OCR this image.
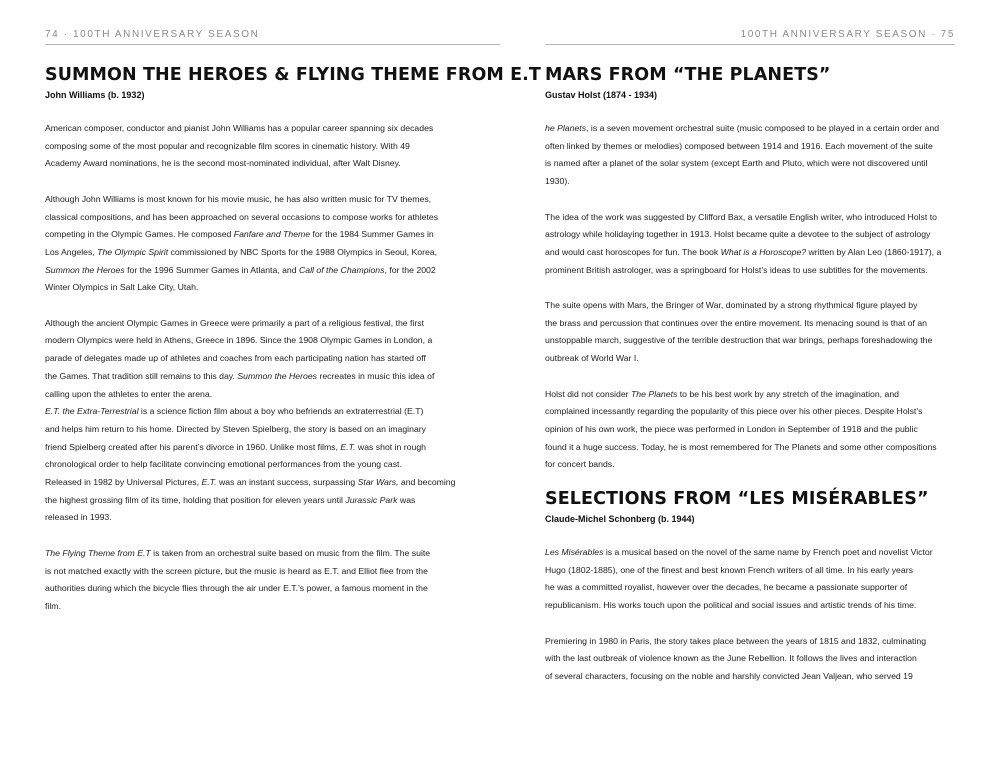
74 · 100TH ANNIVERSARY SEASON	100TH ANNIVERSARY SEASON · 75
SUMMON THE HEROES & FLYING THEME FROM E.T
John Williams (b. 1932)

American composer, conductor and pianist John Williams has a popular career spanning six decades

composing some of the most popular and recognizable film scores in cinematic history. With 49

Academy Award nominations, he is the second most-nominated individual, after Walt Disney.

Although John Williams is most known for his movie music, he has also written music for TV themes,

classical compositions, and has been approached on several occasions to compose works for athletes

competing in the Olympic Games. He composed Fanfare and Theme for the 1984 Summer Games in

Los Angeles, The Olympic Spirit commissioned by NBC Sports for the 1988 Olympics in Seoul, Korea,

Summon the Heroes for the 1996 Summer Games in Atlanta, and Call of the Champions, for the 2002

Winter Olympics in Salt Lake City, Utah.

Although the ancient Olympic Games in Greece were primarily a part of a religious festival, the first

modern Olympics were held in Athens, Greece in 1896. Since the 1908 Olympic Games in London, a

parade of delegates made up of athletes and coaches from each participating nation has started off

the Games. That tradition still remains to this day. Summon the Heroes recreates in music this idea of

calling upon the athletes to enter the arena.

E.T. the Extra-Terrestrial is a science fiction film about a boy who befriends an extraterrestrial (E.T)

and helps him return to his home. Directed by Steven Spielberg, the story is based on an imaginary

friend Spielberg created after his parent’s divorce in 1960. Unlike most films, E.T. was shot in rough

chronological order to help facilitate convincing emotional performances from the young cast.

Released in 1982 by Universal Pictures, E.T. was an instant success, surpassing Star Wars, and becoming

the highest grossing film of its time, holding that position for eleven years until Jurassic Park was

released in 1993.

The Flying Theme from E.T is taken from an orchestral suite based on music from the film. The suite

is not matched exactly with the screen picture, but the music is heard as E.T. and Elliot flee from the

authorities during which the bicycle flies through the air under E.T.’s power, a famous moment in the

film.

MARS FROM “THE PLANETS”
Gustav Holst (1874 - 1934)

he Planets, is a seven movement orchestral suite (music composed to be played in a certain order and

often linked by themes or melodies) composed between 1914 and 1916. Each movement of the suite

is named after a planet of the solar system (except Earth and Pluto, which were not discovered until

1930).

The idea of the work was suggested by Clifford Bax, a versatile English writer, who introduced Holst to

astrology while holidaying together in 1913. Holst became quite a devotee to the subject of astrology

and would cast horoscopes for fun. The book What is a Horoscope? written by Alan Leo (1860-1917), a

prominent British astrologer, was a springboard for Holst’s ideas to use subtitles for the movements.

The suite opens with Mars, the Bringer of War, dominated by a strong rhythmical figure played by

the brass and percussion that continues over the entire movement. Its menacing sound is that of an

unstoppable march, suggestive of the terrible destruction that war brings, perhaps foreshadowing the

outbreak of World War I.

Holst did not consider The Planets to be his best work by any stretch of the imagination, and

complained incessantly regarding the popularity of this piece over his other pieces. Despite Holst’s

opinion of his own work, the piece was performed in London in September of 1918 and the public

found it a huge success. Today, he is most remembered for The Planets and some other compositions

for concert bands.

SELECTIONS FROM “LES MISÉRABLES”
Claude-Michel Schonberg (b. 1944)

Les Misérables is a musical based on the novel of the same name by French poet and novelist Victor

Hugo (1802-1885), one of the finest and best known French writers of all time. In his early years

he was a committed royalist, however over the decades, he became a passionate supporter of

republicanism. His works touch upon the political and social issues and artistic trends of his time.

Premiering in 1980 in Paris, the story takes place between the years of 1815 and 1832, culminating

with the last outbreak of violence known as the June Rebellion. It follows the lives and interaction

of several characters, focusing on the noble and harshly convicted Jean Valjean, who served 19
